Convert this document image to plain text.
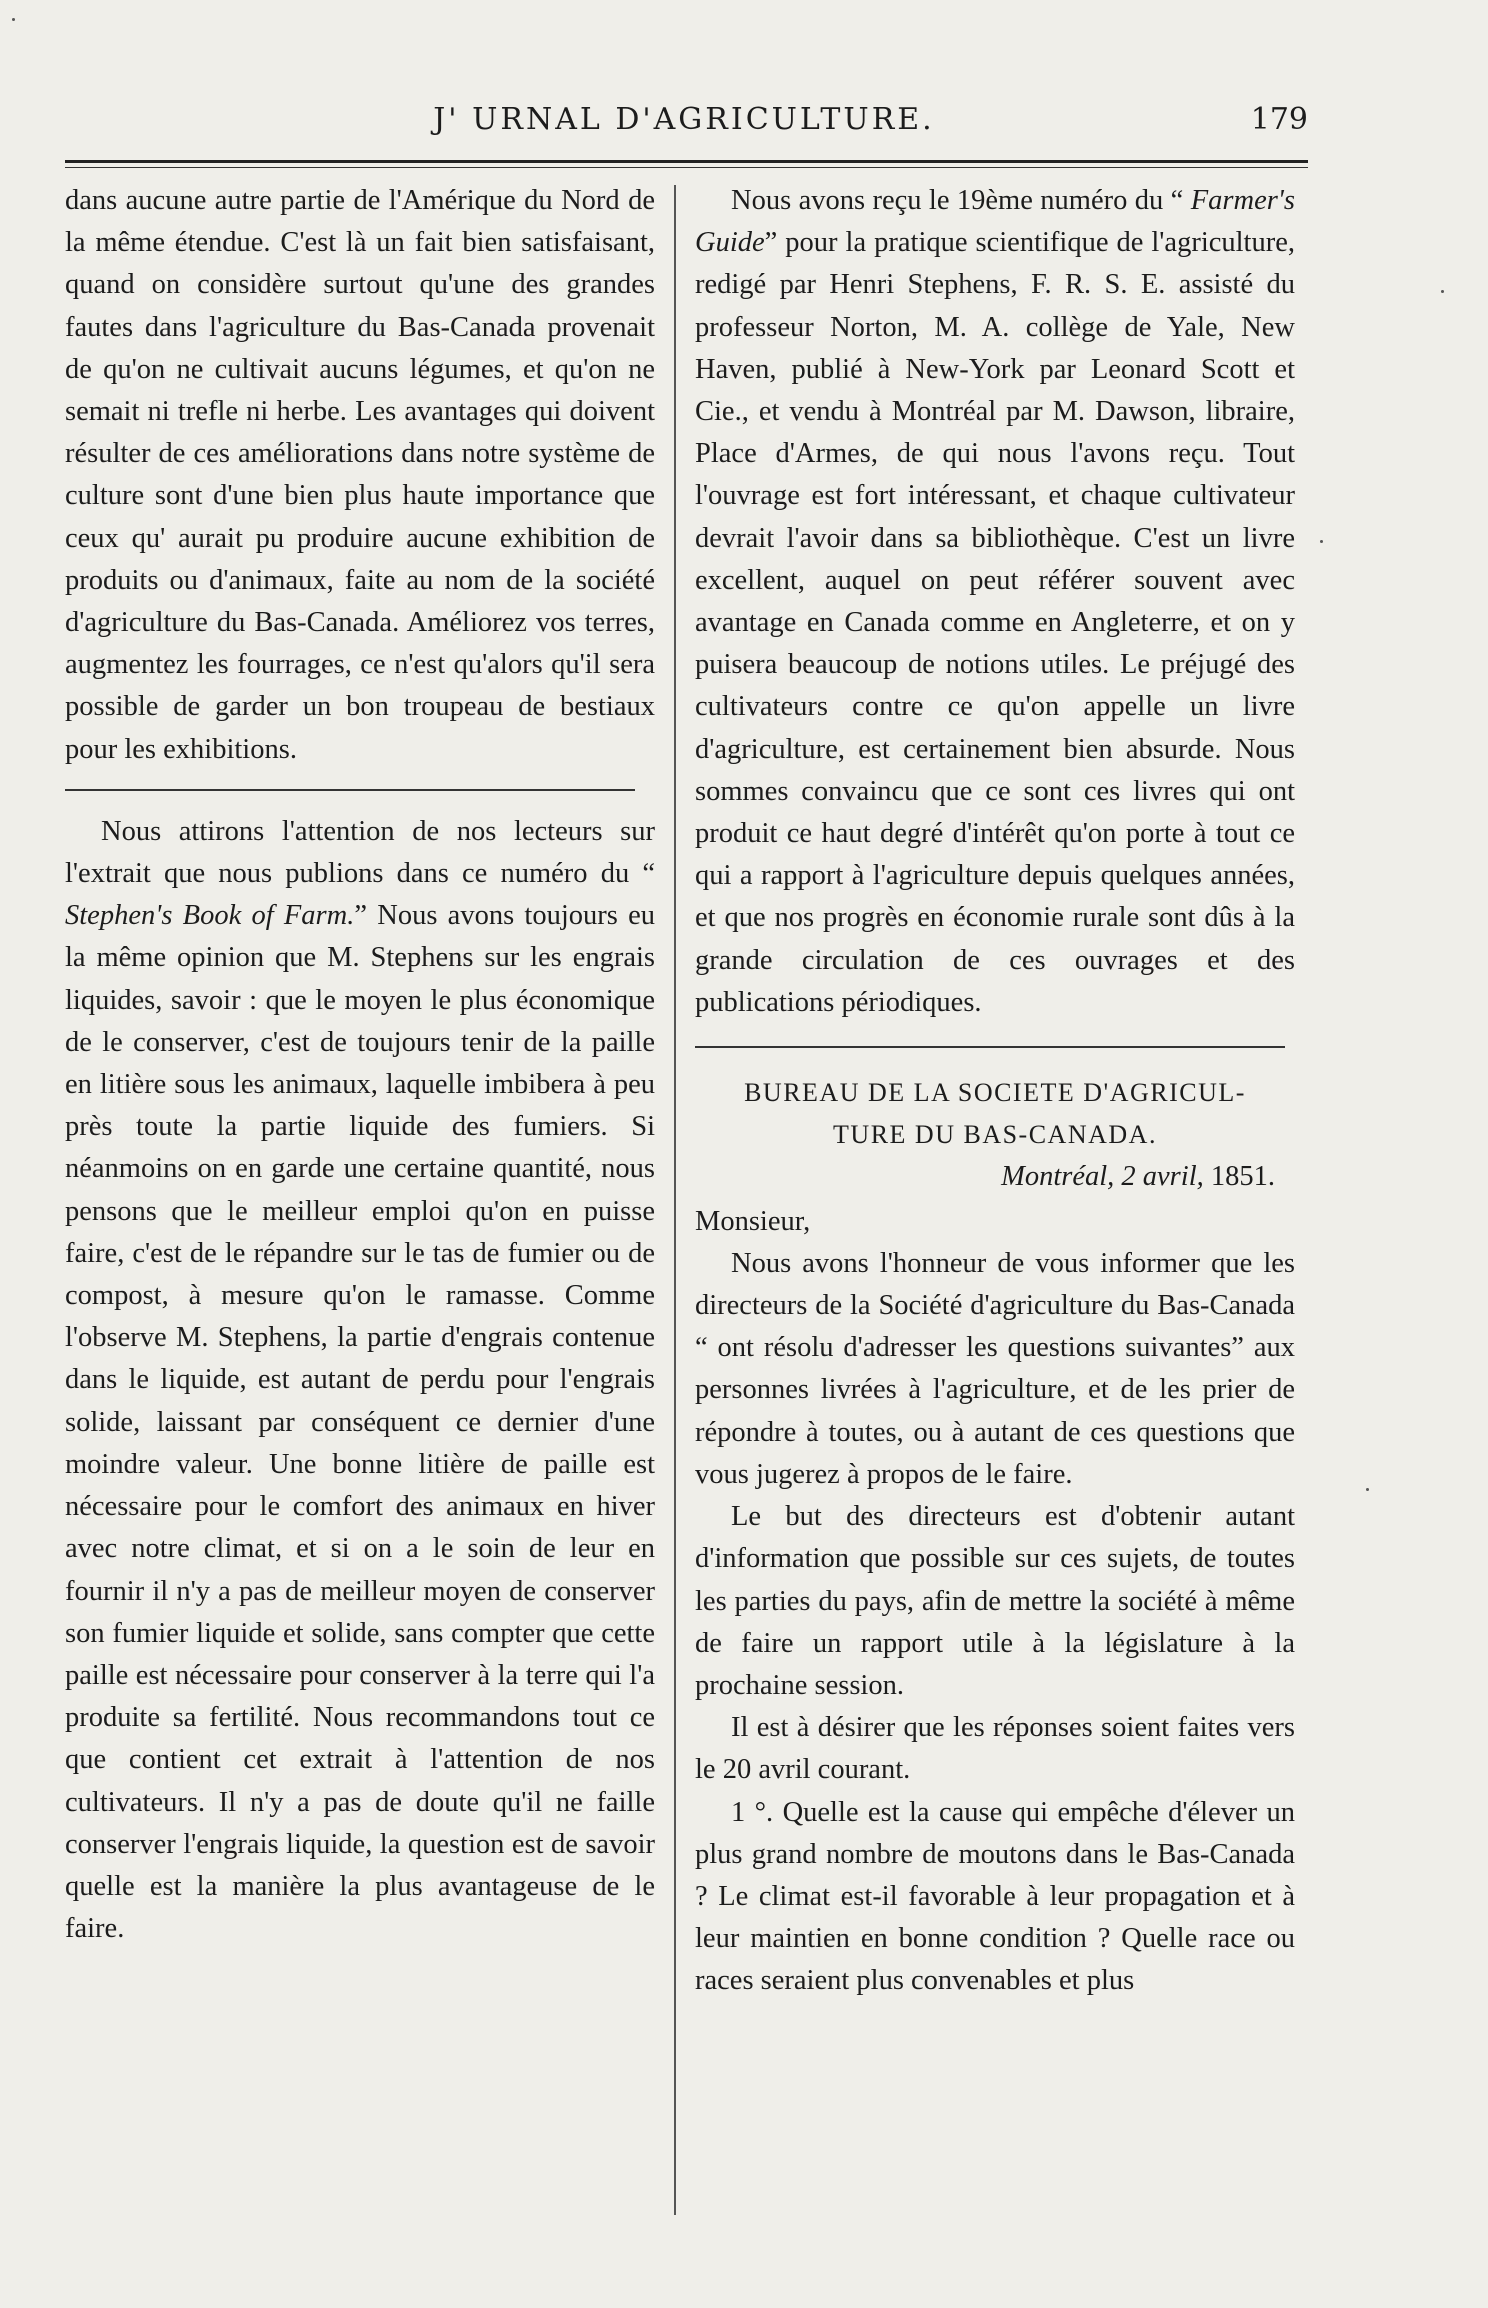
J' URNAL D'AGRICULTURE.	179

dans aucune autre partie de l'Amérique du Nord de la même étendue. C'est là un fait bien satisfaisant, quand on considère surtout qu'une des grandes fautes dans l'agriculture du Bas-Canada provenait de qu'on ne cultivait aucuns légumes, et qu'on ne semait ni trefle ni herbe. Les avantages qui doivent résulter de ces améliorations dans notre système de culture sont d'une bien plus haute importance que ceux qu' aurait pu produire aucune exhibition de produits ou d'animaux, faite au nom de la société d'agriculture du Bas-Canada. Améliorez vos terres, augmentez les fourrages, ce n'est qu'alors qu'il sera possible de garder un bon troupeau de bestiaux pour les exhibitions.

Nous attirons l'attention de nos lecteurs sur l'extrait que nous publions dans ce numéro du “ Stephen's Book of Farm.” Nous avons toujours eu la même opinion que M. Stephens sur les engrais liquides, savoir : que le moyen le plus économique de le conserver, c'est de toujours tenir de la paille en litière sous les animaux, laquelle imbibera à peu près toute la partie liquide des fumiers. Si néanmoins on en garde une certaine quantité, nous pensons que le meilleur emploi qu'on en puisse faire, c'est de le répandre sur le tas de fumier ou de compost, à mesure qu'on le ramasse. Comme l'observe M. Stephens, la partie d'engrais contenue dans le liquide, est autant de perdu pour l'engrais solide, laissant par conséquent ce dernier d'une moindre valeur. Une bonne litière de paille est nécessaire pour le comfort des animaux en hiver avec notre climat, et si on a le soin de leur en fournir il n'y a pas de meilleur moyen de conserver son fumier liquide et solide, sans compter que cette paille est nécessaire pour conserver à la terre qui l'a produite sa fertilité. Nous recommandons tout ce que contient cet extrait à l'attention de nos cultivateurs. Il n'y a pas de doute qu'il ne faille conserver l'engrais liquide, la question est de savoir quelle est la manière la plus avantageuse de le faire.

Nous avons reçu le 19ème numéro du “ Farmer's Guide” pour la pratique scientifique de l'agriculture, redigé par Henri Stephens, F. R. S. E. assisté du professeur Norton, M. A. collège de Yale, New Haven, publié à New-York par Leonard Scott et Cie., et vendu à Montréal par M. Dawson, libraire, Place d'Armes, de qui nous l'avons reçu. Tout l'ouvrage est fort intéressant, et chaque cultivateur devrait l'avoir dans sa bibliothèque. C'est un livre excellent, auquel on peut référer souvent avec avantage en Canada comme en Angleterre, et on y puisera beaucoup de notions utiles. Le préjugé des cultivateurs contre ce qu'on appelle un livre d'agriculture, est certainement bien absurde. Nous sommes convaincu que ce sont ces livres qui ont produit ce haut degré d'intérêt qu'on porte à tout ce qui a rapport à l'agriculture depuis quelques années, et que nos progrès en économie rurale sont dûs à la grande circulation de ces ouvrages et des publications périodiques.

BUREAU DE LA SOCIETE D'AGRICUL-
TURE DU BAS-CANADA.
Montréal, 2 avril, 1851.

Monsieur,

Nous avons l'honneur de vous informer que les directeurs de la Société d'agriculture du Bas-Canada “ ont résolu d'adresser les questions suivantes” aux personnes livrées à l'agriculture, et de les prier de répondre à toutes, ou à autant de ces questions que vous jugerez à propos de le faire.

Le but des directeurs est d'obtenir autant d'information que possible sur ces sujets, de toutes les parties du pays, afin de mettre la société à même de faire un rapport utile à la législature à la prochaine session.

Il est à désirer que les réponses soient faites vers le 20 avril courant.

1 °. Quelle est la cause qui empêche d'élever un plus grand nombre de moutons dans le Bas-Canada ? Le climat est-il favorable à leur propagation et à leur maintien en bonne condition ? Quelle race ou races seraient plus convenables et plus
